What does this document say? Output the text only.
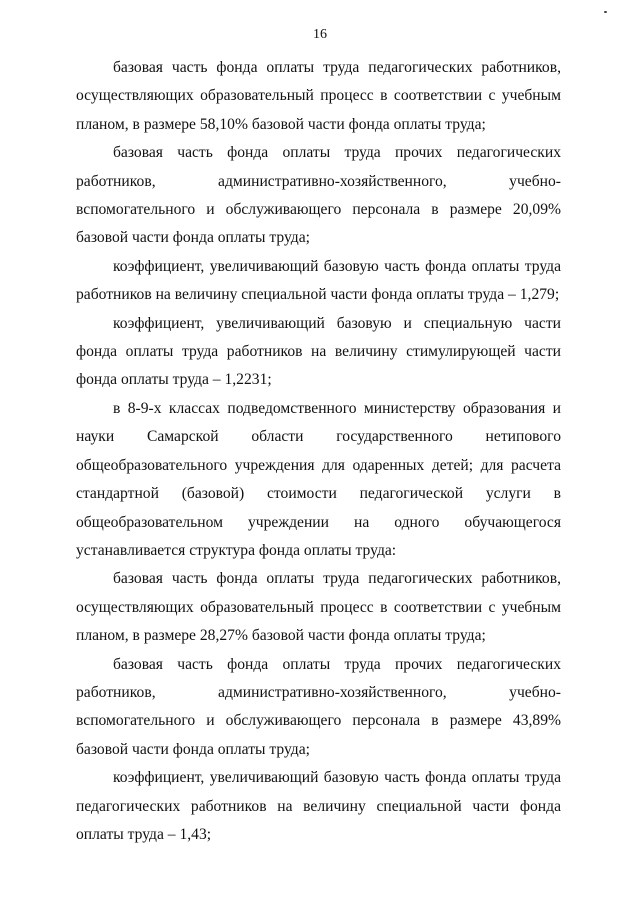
16

базовая часть фонда оплаты труда педагогических работников, осуществляющих образовательный процесс в соответствии с учебным планом, в размере 58,10% базовой части фонда оплаты труда;

базовая часть фонда оплаты труда прочих педагогических работников, административно-хозяйственного, учебно-вспомогательного и обслуживающего персонала в размере 20,09% базовой части фонда оплаты труда;

коэффициент, увеличивающий базовую часть фонда оплаты труда работников на величину специальной части фонда оплаты труда – 1,279;

коэффициент, увеличивающий базовую и специальную части фонда оплаты труда работников на величину стимулирующей части фонда оплаты труда – 1,2231;

в 8-9-х классах подведомственного министерству образования и науки Самарской области государственного нетипового общеобразовательного учреждения для одаренных детей; для расчета стандартной (базовой) стоимости педагогической услуги в общеобразовательном учреждении на одного обучающегося устанавливается структура фонда оплаты труда:

базовая часть фонда оплаты труда педагогических работников, осуществляющих образовательный процесс в соответствии с учебным планом, в размере 28,27% базовой части фонда оплаты труда;

базовая часть фонда оплаты труда прочих педагогических работников, административно-хозяйственного, учебно-вспомогательного и обслуживающего персонала в размере 43,89% базовой части фонда оплаты труда;

коэффициент, увеличивающий базовую часть фонда оплаты труда педагогических работников на величину специальной части фонда оплаты труда – 1,43;
